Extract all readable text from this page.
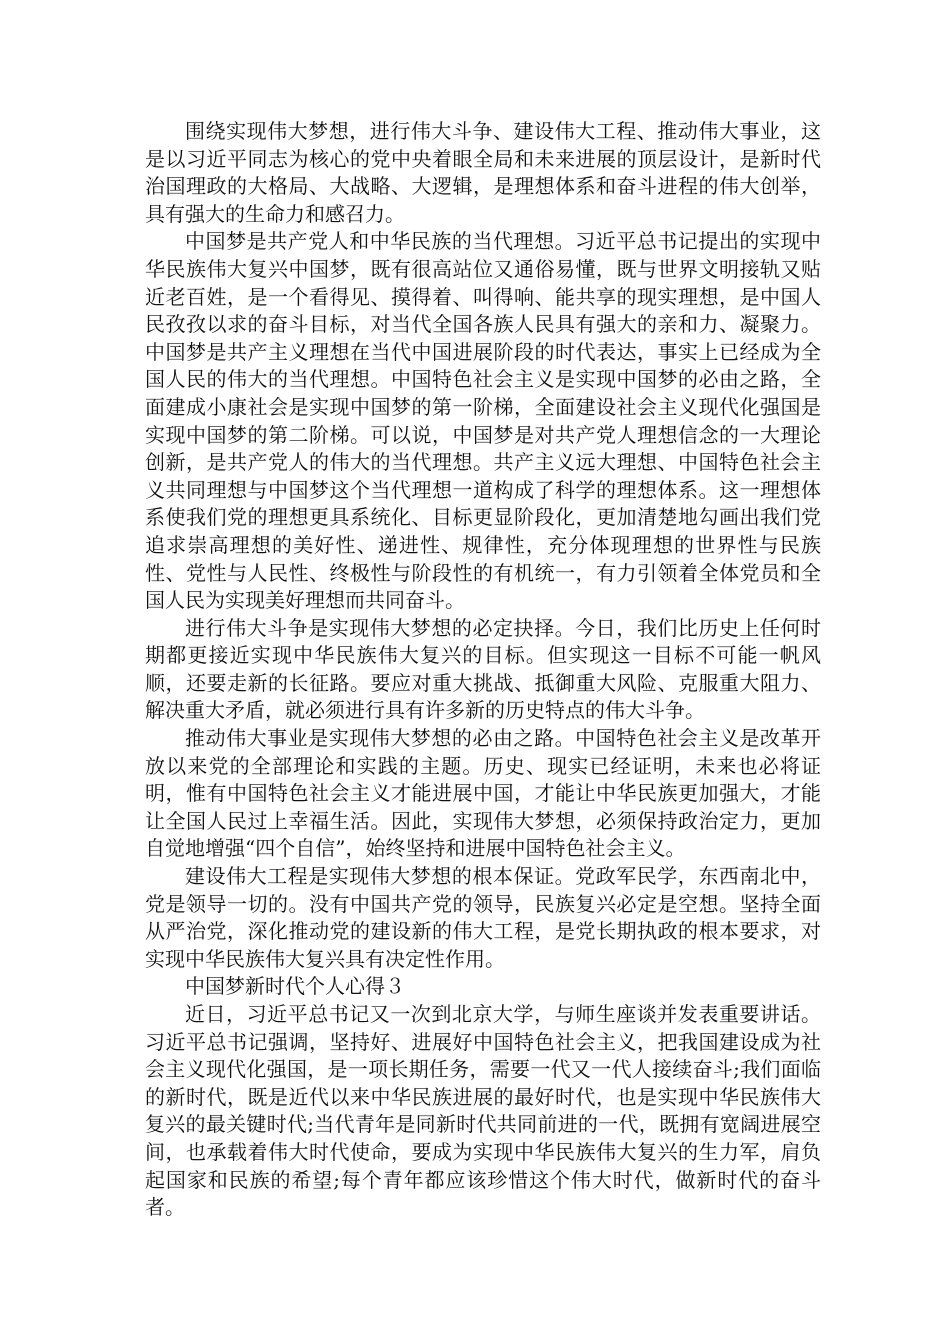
围绕实现伟大梦想，进行伟大斗争、建设伟大工程、推动伟大事业，这是以习近平同志为核心的党中央着眼全局和未来进展的顶层设计，是新时代治国理政的大格局、大战略、大逻辑，是理想体系和奋斗进程的伟大创举，具有强大的生命力和感召力。

中国梦是共产党人和中华民族的当代理想。习近平总书记提出的实现中华民族伟大复兴中国梦，既有很高站位又通俗易懂，既与世界文明接轨又贴近老百姓，是一个看得见、摸得着、叫得响、能共享的现实理想，是中国人民孜孜以求的奋斗目标，对当代全国各族人民具有强大的亲和力、凝聚力。中国梦是共产主义理想在当代中国进展阶段的时代表达，事实上已经成为全国人民的伟大的当代理想。中国特色社会主义是实现中国梦的必由之路，全面建成小康社会是实现中国梦的第一阶梯，全面建设社会主义现代化强国是实现中国梦的第二阶梯。可以说，中国梦是对共产党人理想信念的一大理论创新，是共产党人的伟大的当代理想。共产主义远大理想、中国特色社会主义共同理想与中国梦这个当代理想一道构成了科学的理想体系。这一理想体系使我们党的理想更具系统化、目标更显阶段化，更加清楚地勾画出我们党追求崇高理想的美好性、递进性、规律性，充分体现理想的世界性与民族性、党性与人民性、终极性与阶段性的有机统一，有力引领着全体党员和全国人民为实现美好理想而共同奋斗。

进行伟大斗争是实现伟大梦想的必定抉择。今日，我们比历史上任何时期都更接近实现中华民族伟大复兴的目标。但实现这一目标不可能一帆风顺，还要走新的长征路。要应对重大挑战、抵御重大风险、克服重大阻力、解决重大矛盾，就必须进行具有许多新的历史特点的伟大斗争。

推动伟大事业是实现伟大梦想的必由之路。中国特色社会主义是改革开放以来党的全部理论和实践的主题。历史、现实已经证明，未来也必将证明，惟有中国特色社会主义才能进展中国，才能让中华民族更加强大，才能让全国人民过上幸福生活。因此，实现伟大梦想，必须保持政治定力，更加自觉地增强“四个自信”，始终坚持和进展中国特色社会主义。

建设伟大工程是实现伟大梦想的根本保证。党政军民学，东西南北中，党是领导一切的。没有中国共产党的领导，民族复兴必定是空想。坚持全面从严治党，深化推动党的建设新的伟大工程，是党长期执政的根本要求，对实现中华民族伟大复兴具有决定性作用。

中国梦新时代个人心得３

近日，习近平总书记又一次到北京大学，与师生座谈并发表重要讲话。习近平总书记强调，坚持好、进展好中国特色社会主义，把我国建设成为社会主义现代化强国，是一项长期任务，需要一代又一代人接续奋斗;我们面临的新时代，既是近代以来中华民族进展的最好时代，也是实现中华民族伟大复兴的最关键时代;当代青年是同新时代共同前进的一代，既拥有宽阔进展空间，也承载着伟大时代使命，要成为实现中华民族伟大复兴的生力军，肩负起国家和民族的希望;每个青年都应该珍惜这个伟大时代，做新时代的奋斗者。
